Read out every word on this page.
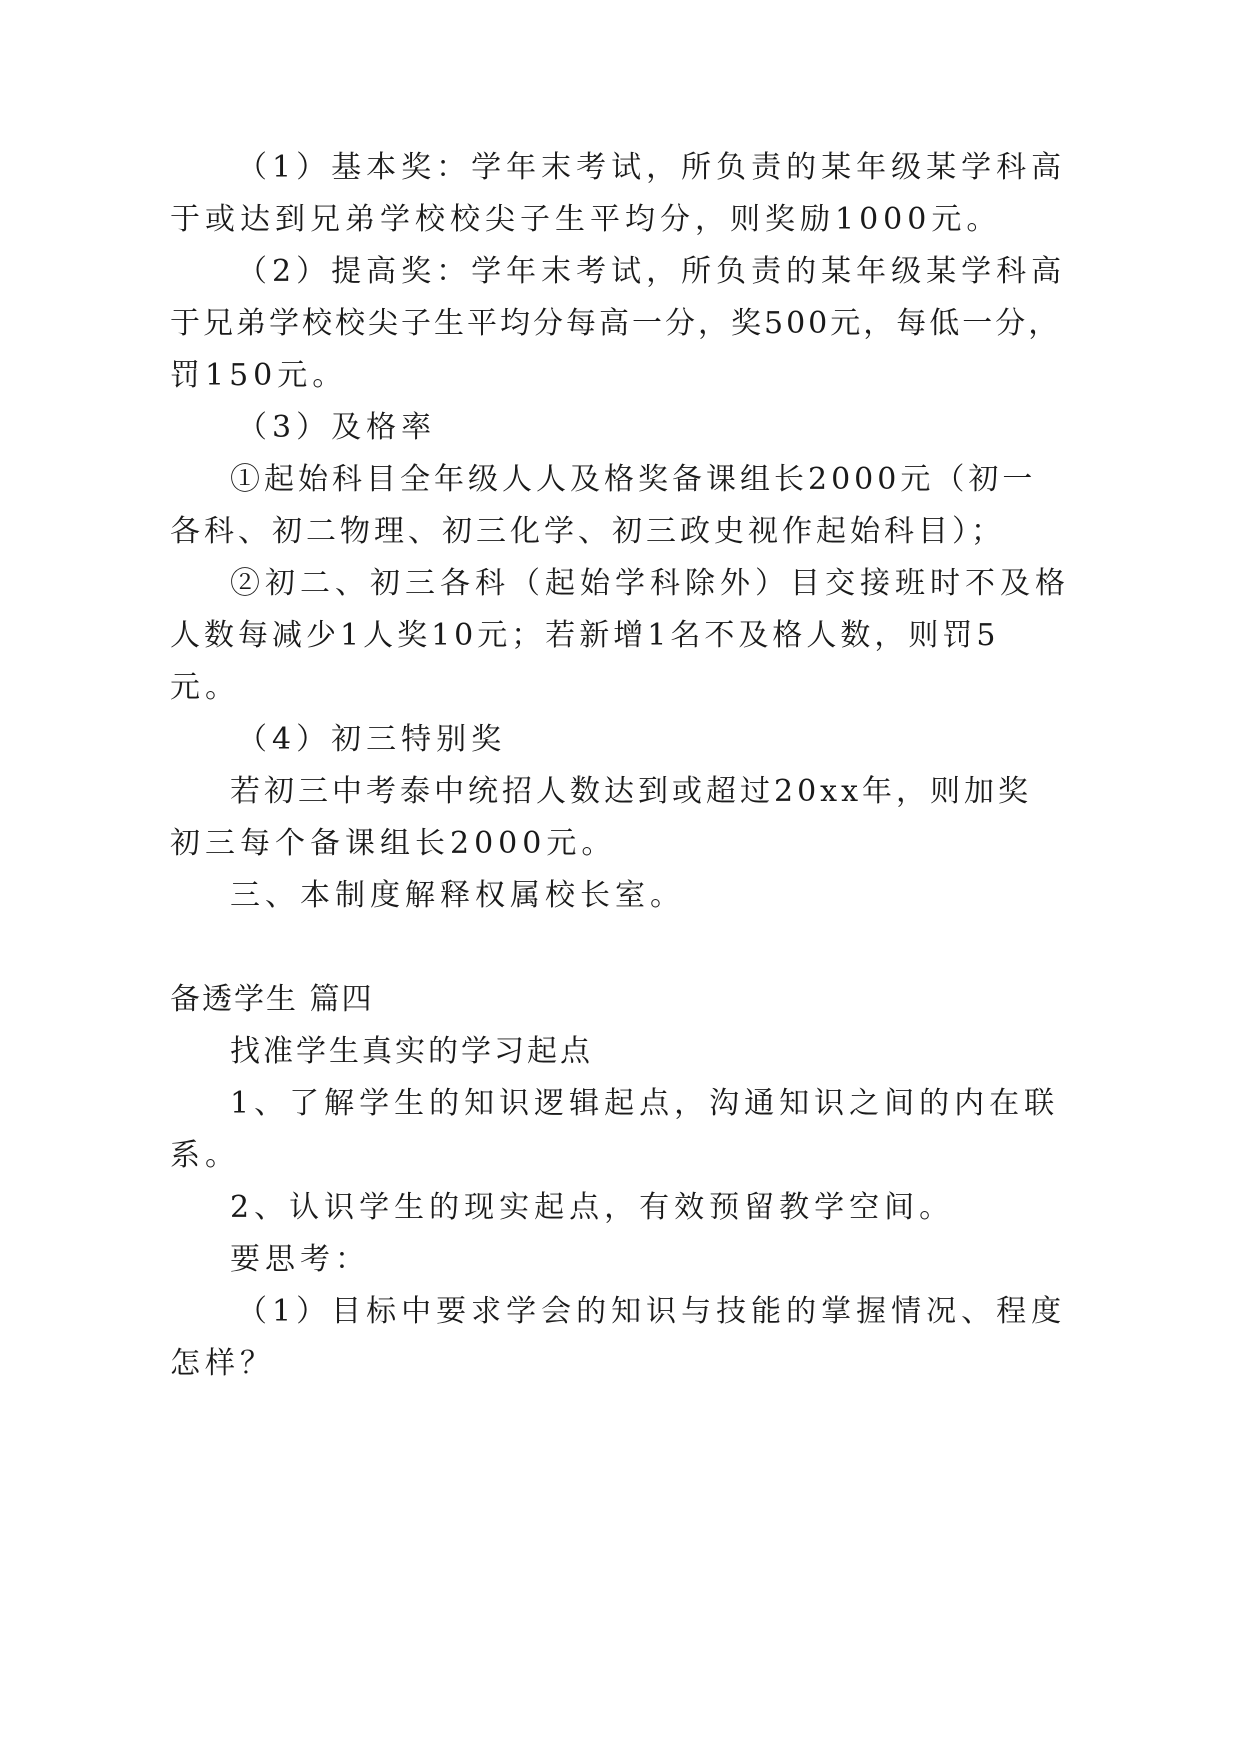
（1）基本奖：学年末考试，所负责的某年级某学科高
于或达到兄弟学校校尖子生平均分，则奖励1000元。
（2）提高奖：学年末考试，所负责的某年级某学科高
于兄弟学校校尖子生平均分每高一分，奖500元，每低一分，
罚150元。
（3）及格率
①起始科目全年级人人及格奖备课组长2000元（初一
各科、初二物理、初三化学、初三政史视作起始科目）；
②初二、初三各科（起始学科除外）目交接班时不及格
人数每减少1人奖10元；若新增1名不及格人数，则罚5
元。
（4）初三特别奖
若初三中考泰中统招人数达到或超过20xx年，则加奖
初三每个备课组长2000元。
三、本制度解释权属校长室。
备透学生 篇四
找准学生真实的学习起点
1、了解学生的知识逻辑起点，沟通知识之间的内在联
系。
2、认识学生的现实起点，有效预留教学空间。
要思考：
（1）目标中要求学会的知识与技能的掌握情况、程度
怎样？
